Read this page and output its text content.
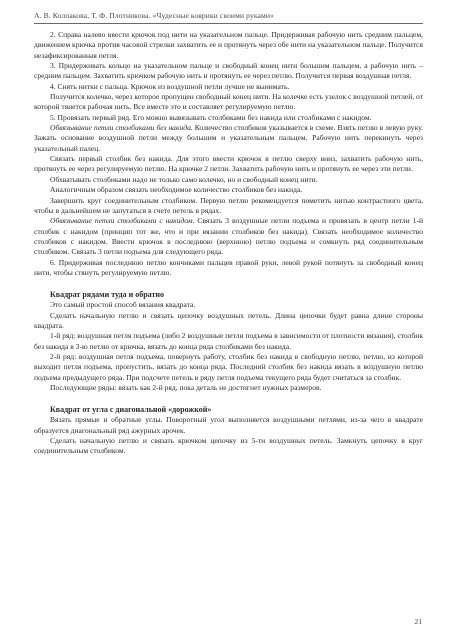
А. В. Колпакова, Т. Ф. Плотникова. «Чудесные коврики своими руками»

2. Справа налево ввести крючок под нити на указательном пальце. Придерживая рабочую нить средним пальцем, движением крючка против часовой стрелки захватить ее и протянуть через обе нити на указательном пальце. Получится незафиксированная петля.

3. Придерживать кольцо на указательном пальце и свободный конец нити большим пальцем, а рабочую нить – средним пальцем. Захватить крючком рабочую нить и протянуть ее через петлю. Получится первая воздушная петля.

4. Снять нитки с пальца. Крючок из воздушной петли лучше не вынимать.

Получится колечко, через которое пропущен свободный конец нити. На колечке есть узелок с воздушной петлей, от которой тянется рабочая нить. Все вместе это и составляет регулируемую петлю.

5. Провязать первый ряд. Его можно вывязывать столбиками без накида или столбиками с накидом.

Обвязывание петли столбиками без накида. Количество столбиков указывается в схеме. Взять петлю в левую руку. Зажать основание воздушной петли между большим и указательным пальцем. Рабочую нить перекинуть через указательный палец.

Связать первый столбик без накида. Для этого ввести крючок в петлю сверху вниз, захватить рабочую нить, протянуть ее через регулируемую петлю. На крючке 2 петли. Захватить рабочую нить и протянуть ее через эти петли.

Обхватывать столбиками надо не только само колечко, но и свободный конец нити.

Аналогичным образом связать необходимое количество столбиков без накида.

Завершить круг соединительным столбиком. Первую петлю рекомендуется пометить нитью контрастного цвета, чтобы в дальнейшем не запутаться в счете петель в рядах.

Обвязывание петли столбиками с накидом. Связать 3 воздушные петли подъема и провязать в центр петли 1-й столбик с накидом (принцип тот же, что и при вязании столбиков без накида). Связать необходимое количество столбиков с накидом. Ввести крючок в последнюю (верхнюю) петлю подъема и сомкнуть ряд соединительным столбиком. Связать 3 петли подъема для следующего ряда.

6. Придерживая последнюю петлю кончиками пальцев правой руки, левой рукой потянуть за свободный конец нити, чтобы стянуть регулируемую петлю.

Квадрат рядами туда и обратно

Это самый простой способ вязания квадрата.

Сделать начальную петлю и связать цепочку воздушных петель. Длина цепочки будет равна длине стороны квадрата.

1-й ряд: воздушная петля подъема (либо 2 воздушные петли подъема в зависимости от плотности вязания), столбик без накида в 3-ю петлю от крючка, вязать до конца ряда столбиками без накида.

2-й ряд: воздушная петля подъема, повернуть работу, столбик без накида в свободную петлю, петлю, из которой выходит петля подъема, пропустить, вязать до конца ряда. Последний столбик без накида вязать в воздушную петлю подъема предыдущего ряда. При подсчете петель в ряду петля подъема текущего ряда будет считаться за столбик.

Последующие ряды: вязать как 2-й ряд, пока деталь не достигнет нужных размеров.

Квадрат от угла с диагональной «дорожкой»

Вязать прямые и обратные углы. Поворотный угол выполняется воздушными петлями, из-за чего в квадрате образуется диагональный ряд ажурных арочек.

Сделать начальную петлю и связать крючком цепочку из 5-ти воздушных петель. Замкнуть цепочку в круг соединительным столбиком.

21
